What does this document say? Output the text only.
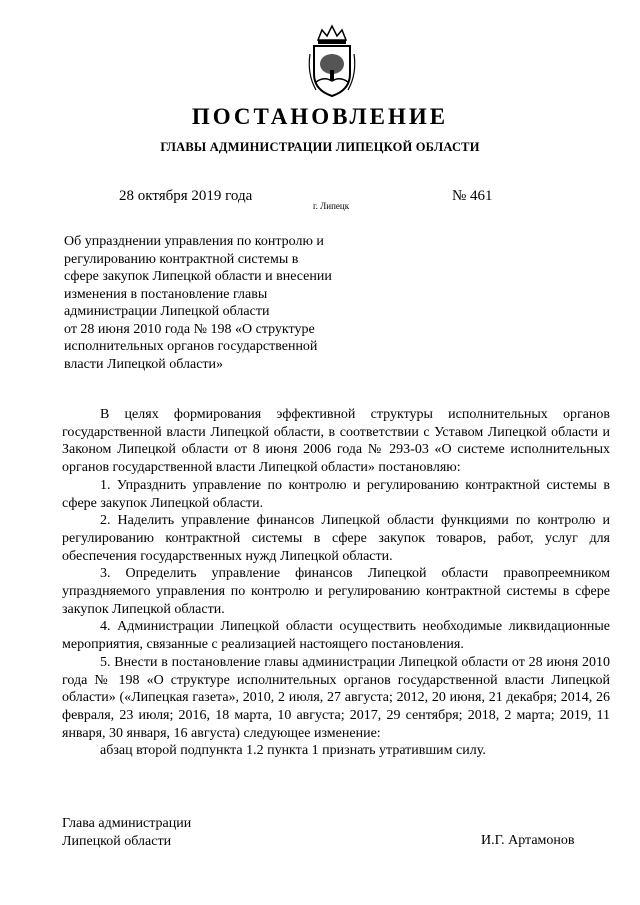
ПОСТАНОВЛЕНИЕ
ГЛАВЫ АДМИНИСТРАЦИИ ЛИПЕЦКОЙ ОБЛАСТИ
28 октября 2019 года
г. Липецк
№ 461
Об упразднении управления по контролю и
регулированию контрактной системы в
сфере закупок Липецкой области и внесении
изменения в постановление главы
администрации Липецкой области
от 28 июня 2010 года № 198 «О структуре
исполнительных органов государственной
власти Липецкой области»

В целях формирования эффективной структуры исполнительных органов государственной власти Липецкой области, в соответствии с Уставом Липецкой области и Законом Липецкой области от 8 июня 2006 года № 293-03 «О системе исполнительных органов государственной власти Липецкой области» постановляю:

1. Упразднить управление по контролю и регулированию контрактной системы в сфере закупок Липецкой области.

2. Наделить управление финансов Липецкой области функциями по контролю и регулированию контрактной системы в сфере закупок товаров, работ, услуг для обеспечения государственных нужд Липецкой области.

3. Определить управление финансов Липецкой области правопреемником упраздняемого управления по контролю и регулированию контрактной системы в сфере закупок Липецкой области.

4. Администрации Липецкой области осуществить необходимые ликвидационные мероприятия, связанные с реализацией настоящего постановления.

5. Внести в постановление главы администрации Липецкой области от 28 июня 2010 года № 198 «О структуре исполнительных органов государственной власти Липецкой области» («Липецкая газета», 2010, 2 июля, 27 августа; 2012, 20 июня, 21 декабря; 2014, 26 февраля, 23 июля; 2016, 18 марта, 10 августа; 2017, 29 сентября; 2018, 2 марта; 2019, 11 января, 30 января, 16 августа) следующее изменение:

абзац второй подпункта 1.2 пункта 1 признать утратившим силу.

Глава администрации
Липецкой области	И.Г. Артамонов
